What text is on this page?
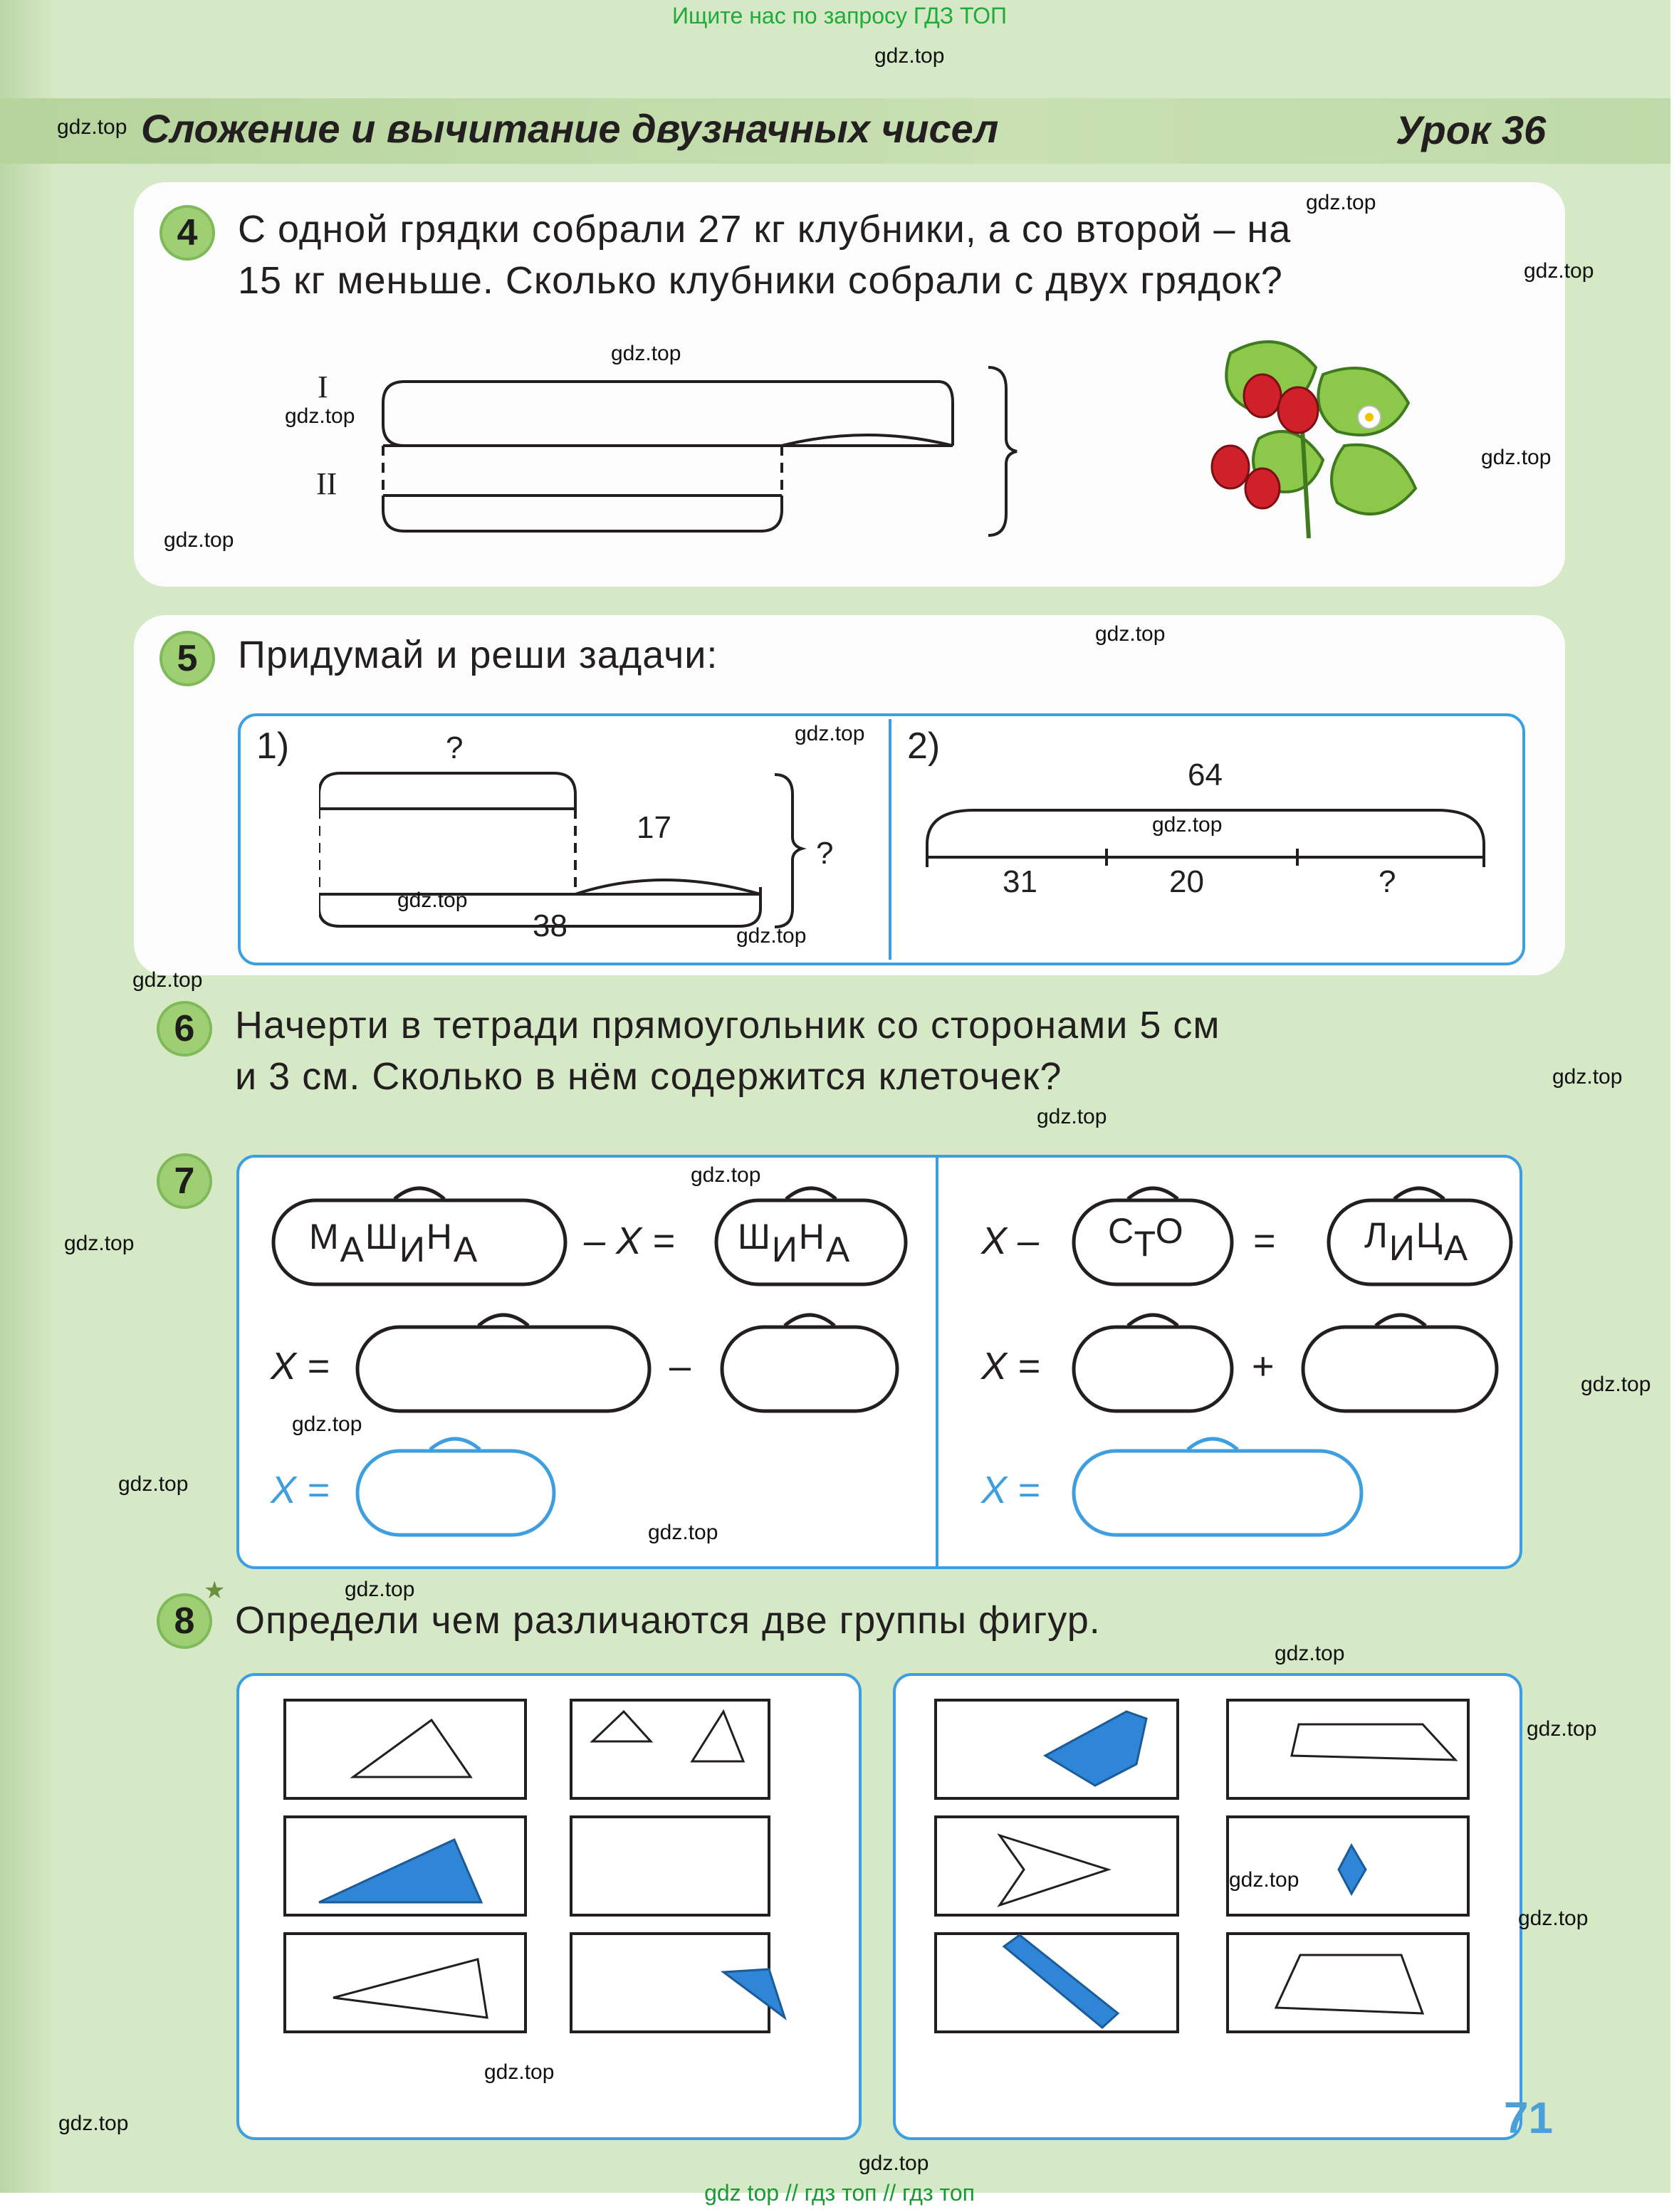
Ищите нас по запросу ГДЗ ТОП
Сложение и вычитание двузначных чисел	Урок 36
4	С одной грядки собрали 27 кг клубники, а со второй – на
15 кг меньше. Сколько клубники собрали с двух грядок?
I
II
5	Придумай и реши задачи:
1)	?
17
38
?
2)
64
31	20	?
6	Начерти в тетради прямоугольник со сторонами 5 см
и 3 см. Сколько в нём содержится клеточек?
7
МАШИНА	– X = ШИНА
X =	–
X =
X – СТО = ЛИЦА
X =	+
X =
8
★
Определи чем различаются две группы фигур.
71
gdz.top
gdz.top
gdz.top
gdz.top
gdz.top
gdz.top
gdz.top
gdz.top
gdz.top
gdz.top
gdz.top
gdz.top
gdz.top
gdz.top
gdz.top
gdz.top
gdz.top
gdz.top
gdz.top
gdz.top
gdz.top
gdz.top
gdz.top
gdz.top
gdz.top
gdz.top
gdz.top
gdz.top
gdz.top
gdz.top
gdz top // гдз топ // гдз топ
